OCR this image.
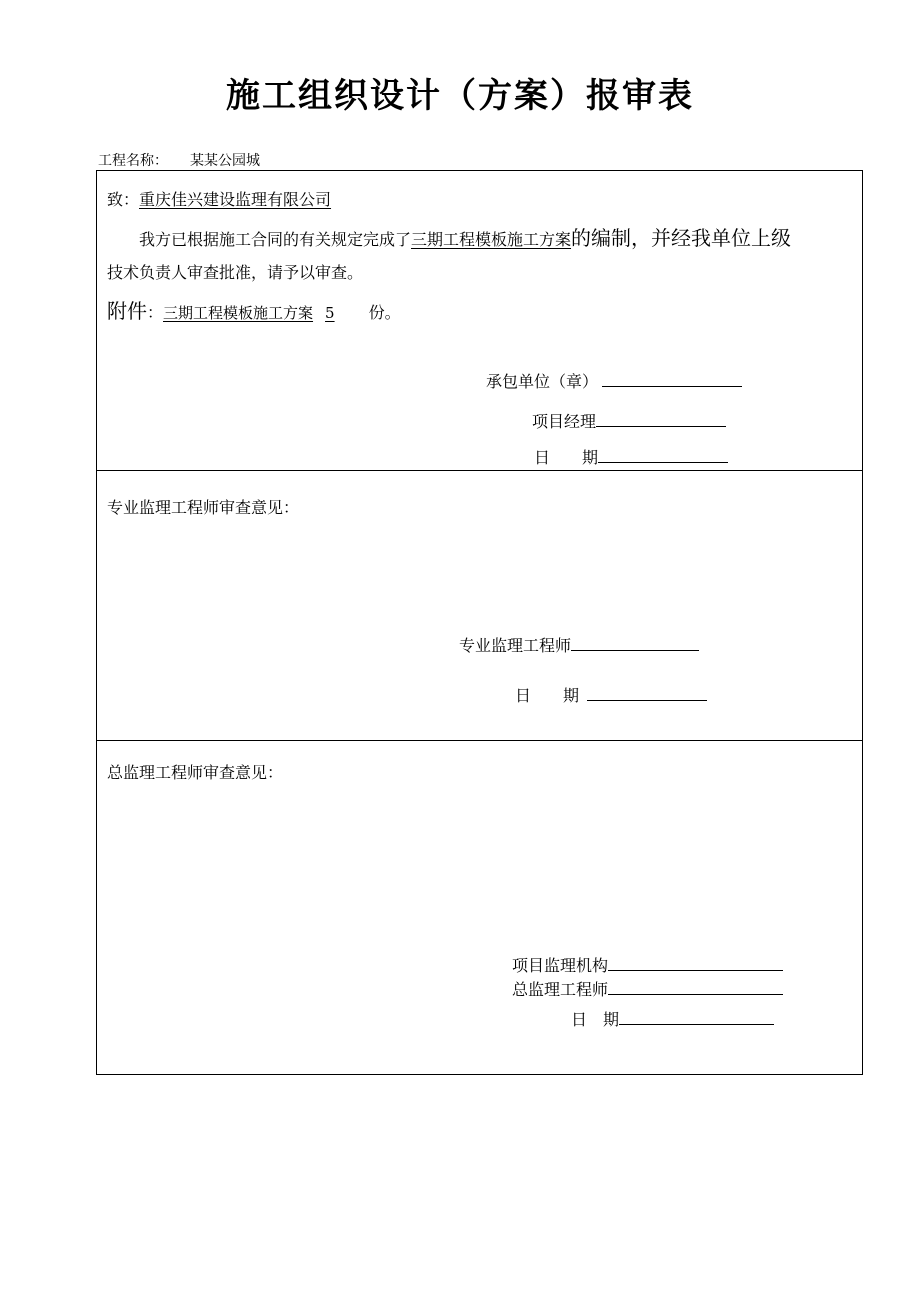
施工组织设计（方案）报审表
工程名称： 某某公园城
致：重庆佳兴建设监理有限公司
我方已根据施工合同的有关规定完成了三期工程模板施工方案的编制，并经我单位上级
技术负责人审查批准，请予以审查。
附件：三期工程模板施工方案 5 份。
承包单位（章）
项目经理
日　　期
专业监理工程师审查意见：
专业监理工程师
日　　期
总监理工程师审查意见：
项目监理机构
总监理工程师
日　期
